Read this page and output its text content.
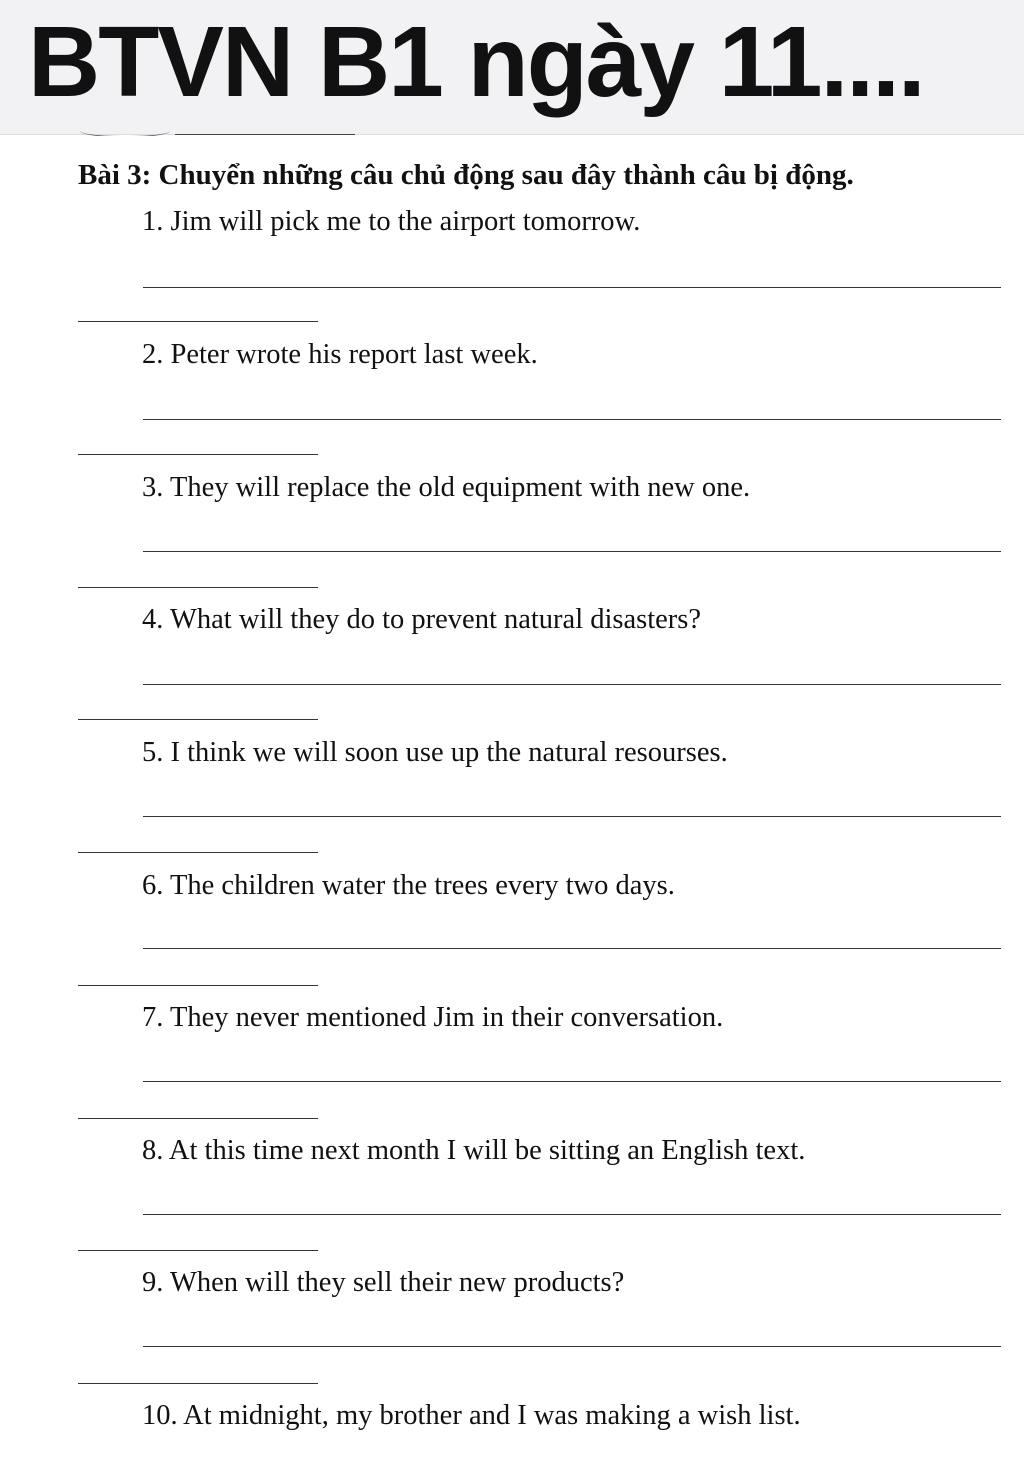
BTVN B1 ngày 11....
Bài 3: Chuyển những câu chủ động sau đây thành câu bị động.
1. Jim will pick me to the airport tomorrow.
2. Peter wrote his report last week.
3. They will replace the old equipment with new one.
4. What will they do to prevent natural disasters?
5. I think we will soon use up the natural resourses.
6. The children water the trees every two days.
7. They never mentioned Jim in their conversation.
8. At this time next month I will be sitting an English text.
9. When will they sell their new products?
10. At midnight, my brother and I was making a wish list.
